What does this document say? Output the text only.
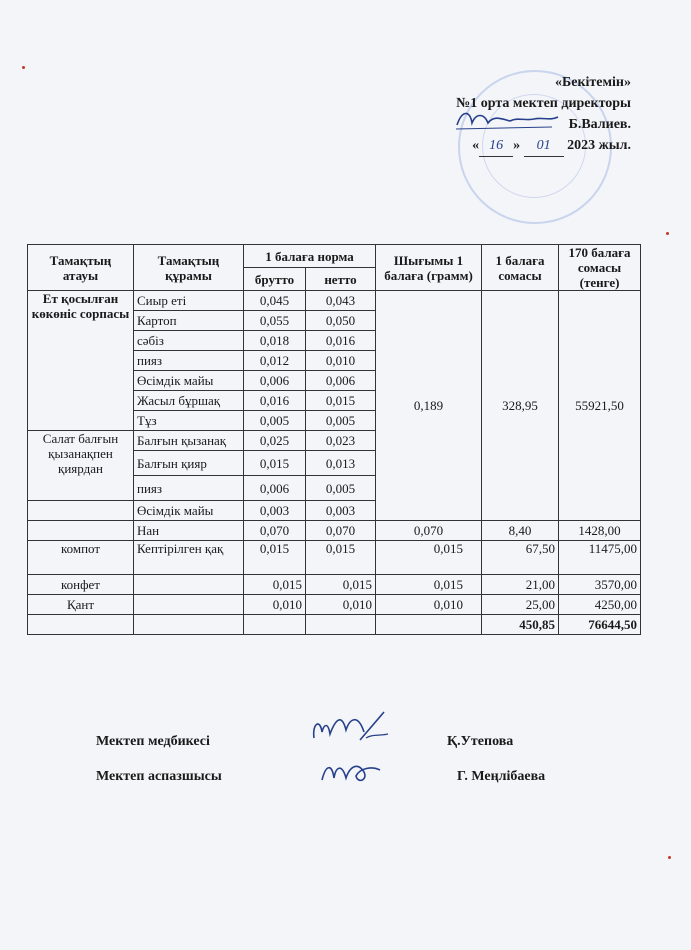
«Бекітемін»
№1 орта мектеп директоры
Б.Валиев.
« 16 » 01 2023 жыл.
Тамақтың атауы	Тамақтың құрамы	1 балаға норма		Шығымы 1 балаға (грамм)	1 балаға сомасы	170 балаға сомасы (тенге)
		брутто	нетто			
Ет қосылған көкөніс сорпасы	Сиыр еті	0,045	0,043	0,189	328,95	55921,50
	Картоп	0,055	0,050			
	сәбіз	0,018	0,016			
	пияз	0,012	0,010			
	Өсімдік майы	0,006	0,006			
	Жасыл бұршақ	0,016	0,015			
	Тұз	0,005	0,005			
Салат балғын қызанақпен қиярдан	Балғын қызанақ	0,025	0,023			
	Балғын қияр	0,015	0,013			
	пияз	0,006	0,005			
	Өсімдік майы	0,003	0,003			
	Нан	0,070	0,070	0,070	8,40	1428,00
компот	Кептірілген қақ	0,015	0,015	0,015	67,50	11475,00
конфет		0,015	0,015	0,015	21,00	3570,00
Қант		0,010	0,010	0,010	25,00	4250,00
					450,85	76644,50
Мектеп медбикесі	Қ.Утепова
Мектеп аспазшысы	Г. Меңлібаева
